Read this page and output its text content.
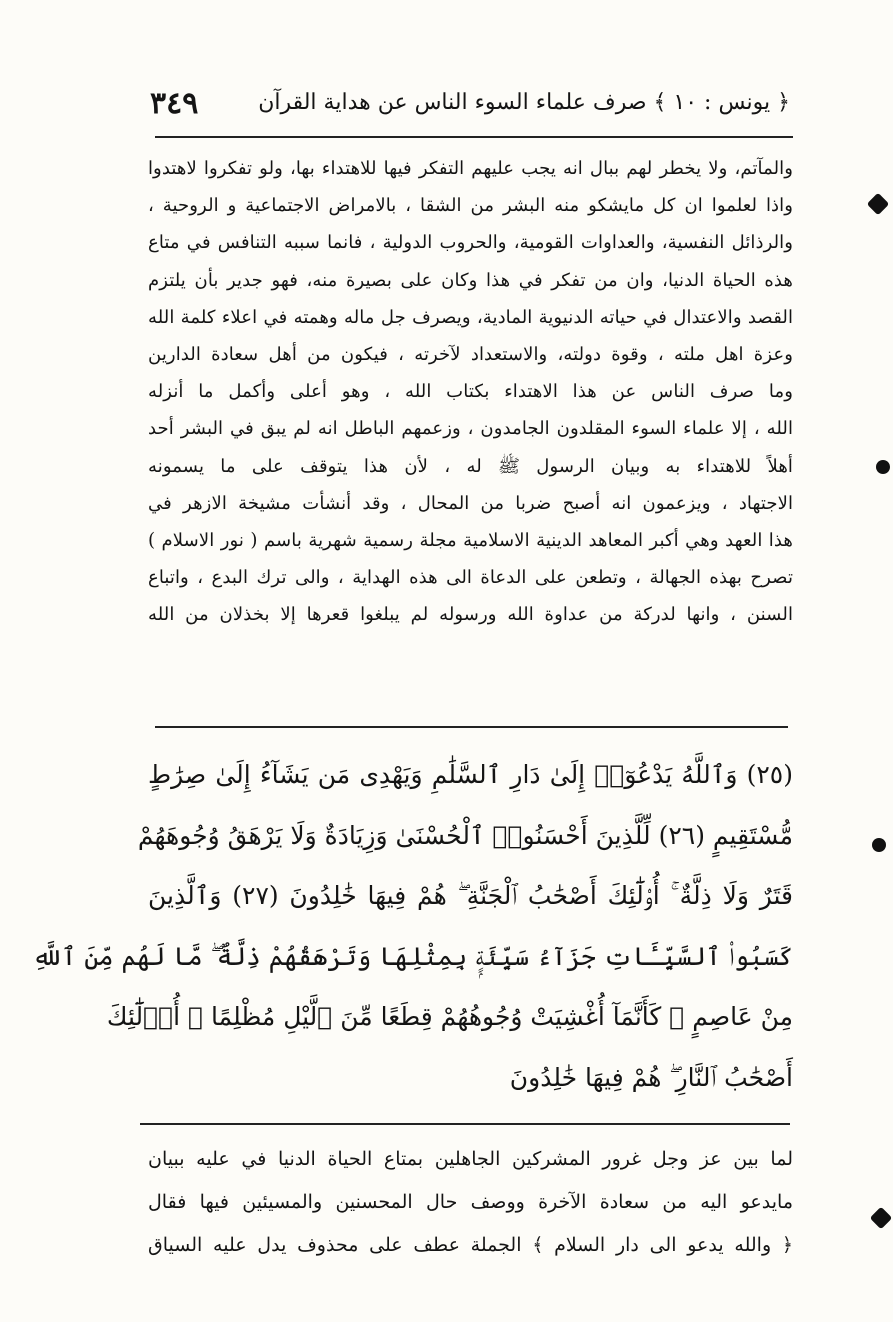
﴿ يونس : ١٠ ﴾ صرف علماء السوء الناس عن هداية القرآن
٣٤٩
والمآتم، ولا يخطر لهم ببال انه يجب عليهم التفكر فيها للاهتداء بها، ولو تفكروا لاهتدوا
واذا لعلموا ان كل مايشكو منه البشر من الشقا ، بالامراض الاجتماعية و الروحية ،
والرذائل النفسية، والعداوات القومية، والحروب الدولية ، فانما سببه التنافس في متاع
هذه الحياة الدنيا، وان من تفكر في هذا وكان على بصيرة منه، فهو جدير بأن يلتزم
القصد والاعتدال في حياته الدنيوية المادية، ويصرف جل ماله وهمته في اعلاء كلمة الله
وعزة اهل ملته ، وقوة دولته، والاستعداد لآخرته ، فيكون من أهل سعادة الدارين
وما صرف الناس عن هذا الاهتداء بكتاب الله ، وهو أعلى وأكمل ما أنزله
الله ، إلا علماء السوء المقلدون الجامدون ، وزعمهم الباطل انه لم يبق في البشر أحد
أهلاً للاهتداء به وبيان الرسول ﷺ له ، لأن هذا يتوقف على ما يسمونه
الاجتهاد ، ويزعمون انه أصبح ضربا من المحال ، وقد أنشأت مشيخة الازهر في
هذا العهد وهي أكبر المعاهد الدينية الاسلامية مجلة رسمية شهرية باسم ( نور الاسلام )
تصرح بهذه الجهالة ، وتطعن على الدعاة الى هذه الهداية ، والى ترك البدع ، واتباع
السنن ، وانها لدركة من عداوة الله ورسوله لم يبلغوا قعرها إلا بخذلان من الله
(٢٥) وَٱللَّهُ يَدْعُوٓا۟ إِلَىٰ دَارِ ٱلسَّلَٰمِ وَيَهْدِى مَن يَشَآءُ إِلَىٰ صِرَٰطٍ
مُّسْتَقِيمٍ (٢٦) لِّلَّذِينَ أَحْسَنُوا۟ ٱلْحُسْنَىٰ وَزِيَادَةٌ وَلَا يَرْهَقُ وُجُوهَهُمْ
قَتَرٌ وَلَا ذِلَّةٌ ۚ أُو۟لَٰٓئِكَ أَصْحَٰبُ ٱلْجَنَّةِ ۖ هُمْ فِيهَا خَٰلِدُونَ (٢٧) وَٱلَّذِينَ
كَسَبُوا۟ ٱلسَّيِّـَٔاتِ جَزَآءُ سَيِّئَةٍۭ بِمِثْلِهَا وَتَرْهَقُهُمْ ذِلَّةٌ ۖ مَّا لَهُم مِّنَ ٱللَّهِ
مِنْ عَاصِمٍ ۖ كَأَنَّمَآ أُغْشِيَتْ وُجُوهُهُمْ قِطَعًا مِّنَ ٱلَّيْلِ مُظْلِمًا ۚ أُو۟لَٰٓئِكَ
أَصْحَٰبُ ٱلنَّارِ ۖ هُمْ فِيهَا خَٰلِدُونَ
لما بين عز وجل غرور المشركين الجاهلين بمتاع الحياة الدنيا في عليه ببيان
مايدعو اليه من سعادة الآخرة ووصف حال المحسنين والمسيئين فيها فقال
﴿ والله يدعو الى دار السلام ﴾ الجملة عطف على محذوف يدل عليه السياق
